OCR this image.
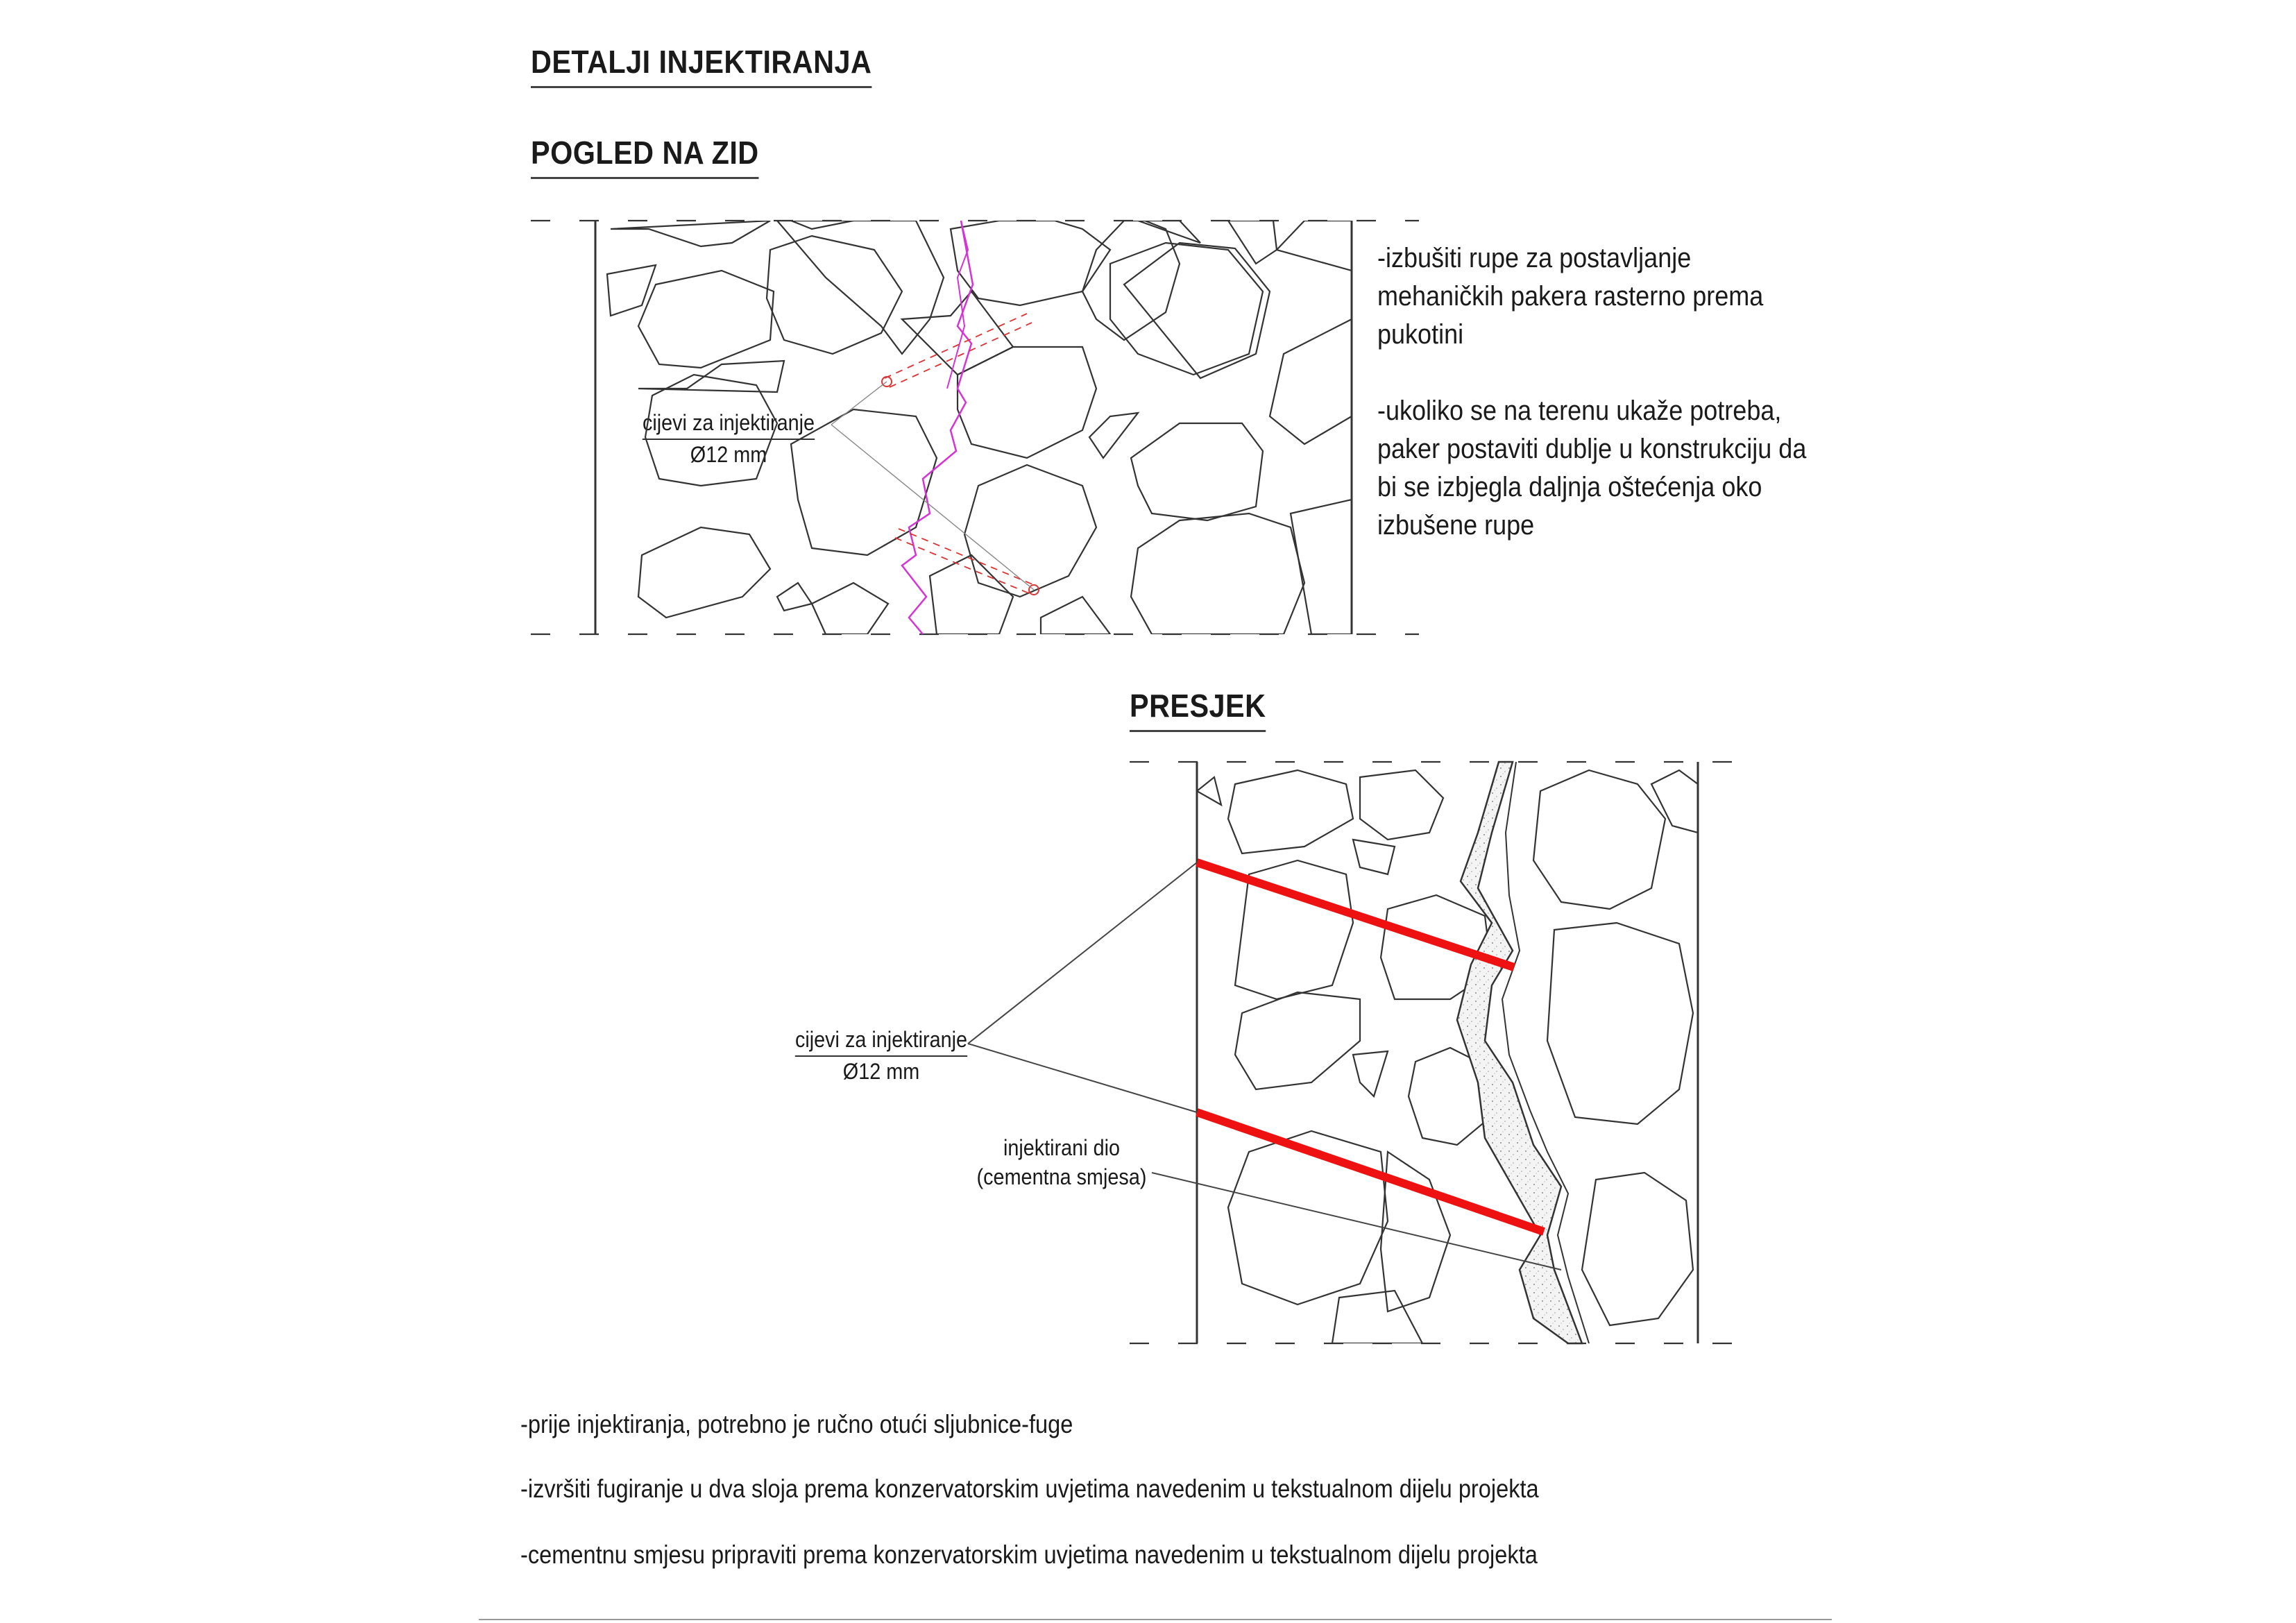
DETALJI INJEKTIRANJA
POGLED NA ZID
PRESJEK

-izbušiti rupe za postavljanje mehaničkih pakera rasterno prema pukotini

-ukoliko se na terenu ukaže potreba, paker postaviti dublje u konstrukciju da bi se izbjegla daljnja oštećenja oko izbušene rupe

cijevi za injektiranje
Ø12 mm
cijevi za injektiranje
Ø12 mm
injektirani dio
(cementna smjesa)
-prije injektiranja, potrebno je ručno otući sljubnice-fuge
-izvršiti fugiranje u dva sloja prema konzervatorskim uvjetima navedenim u tekstualnom dijelu projekta
-cementnu smjesu pripraviti prema konzervatorskim uvjetima navedenim u tekstualnom dijelu projekta
